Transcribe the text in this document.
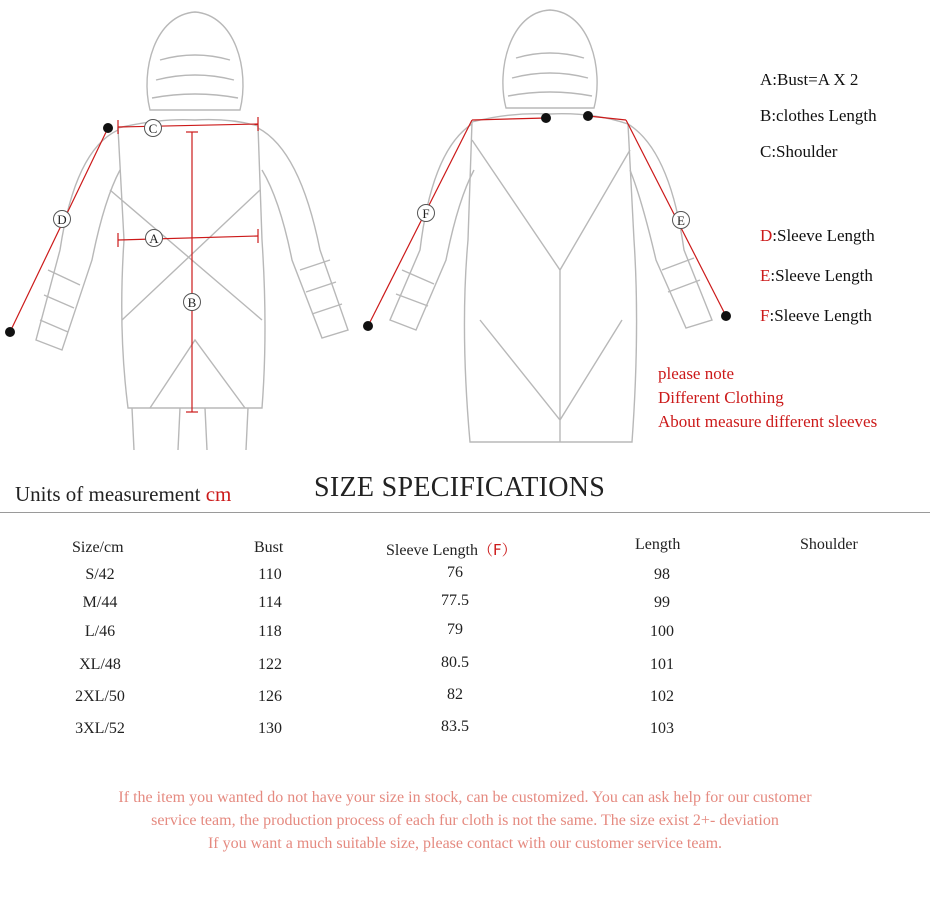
C
D
A
B
F	E
A:Bust=A X 2
B:clothes Length
C:Shoulder
D:Sleeve Length
E:Sleeve Length
F:Sleeve Length
please note
Different Clothing
About measure different sleeves
Units of measurement cm	SIZE SPECIFICATIONS
Size/cm	Bust	Sleeve Length（F）	Length	Shoulder
S/42	110	76	98
M/44	114	77.5	99
L/46	118	79	100
XL/48	122	80.5	101
2XL/50	126	82	102
3XL/52	130	83.5	103
If the item you wanted do not have your size in stock, can be customized. You can ask help for our customer
service team, the production process of each fur cloth is not the same. The size exist 2+- deviation
If you want a much suitable size, please contact with our customer service team.
